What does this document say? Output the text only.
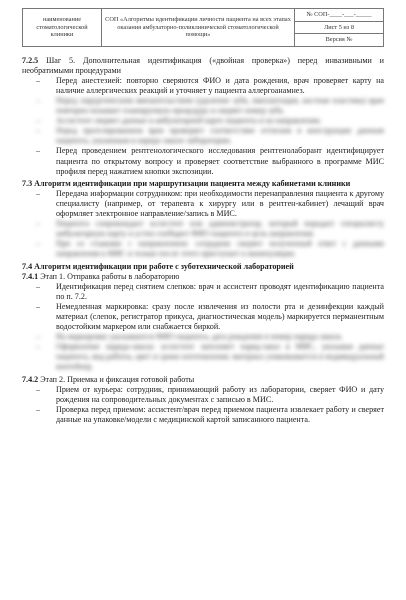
наименование стоматологической клиники	СОП «Алгоритмы идентификации личности пациента на всех этапах оказания амбулаторно-поликлинической стоматологической помощи»	№ СОП-____-___-_____
Лист 5 из 8
Версия №

7.2.5 Шаг 5. Дополнительная идентификация («двойная проверка») перед инвазивными и необратимыми процедурами

– Перед анестезией: повторно сверяются ФИО и дата рождения, врач проверяет карту на наличие аллергических реакций и уточняет у пациента аллергоанамнез.
– Перед хирургическим вмешательством (удаление зуба, имплантация, костная пластика) врач повторно называет планируемую процедуру и сверяет номер зуба.
– Ассистент сверяет данные в амбулаторной карте пациента и на направлении.
– Перед протезированием врач проверяет соответствие оттисков и конструкции данным пациента, указанным в наряде-заказе лаборатории.
– Перед проведением рентгенологического исследования рентгенолаборант идентифицирует пациента по открытому вопросу и проверяет соответствие выбранного в программе МИС профиля перед нажатием кнопки экспозиции.

7.3 Алгоритм идентификации при маршрутизации пациента между кабинетами клиники

– Передача информации сотрудником: при необходимости перенаправления пациента к другому специалисту (например, от терапевта к хирургу или в рентген-кабинет) лечащий врач оформляет электронное направление/запись в МИС.
– Пациента сопровождает ассистент или администратор, который передает специалисту амбулаторную карту и устно сообщает ФИО пациента и цель направления.
– При со стыковке с направлением: сотрудник сверяет полученный ответ с данными направления в МИС и только после этого приступает к манипуляции.

7.4 Алгоритм идентификации при работе с зуботехнической лабораторией

7.4.1 Этап 1. Отправка работы в лабораторию

– Идентификация перед снятием слепков: врач и ассистент проводят идентификацию пациента по п. 7.2.
– Немедленная маркировка: сразу после извлечения из полости рта и дезинфекции каждый материал (слепок, регистратор прикуса, диагностическая модель) маркируется перманентным водостойким маркером или снабжается биркой.
– На маркировке указываются ФИО пациента, дата рождения и номер наряда-заказа.
– Оформление наряда-заказа: ассистент заполняет наряд-заказ в МИС, указывая данные пациента, вид работы, цвет и сроки изготовления; материал упаковывается в индивидуальный контейнер.

7.4.2 Этап 2. Приемка и фиксация готовой работы

– Прием от курьера: сотрудник, принимающий работу из лаборатории, сверяет ФИО и дату рождения на сопроводительных документах с записью в МИС.
– Проверка перед приемом: ассистент/врач перед приемом пациента извлекает работу и сверяет данные на упаковке/модели с медицинской картой записанного пациента.
